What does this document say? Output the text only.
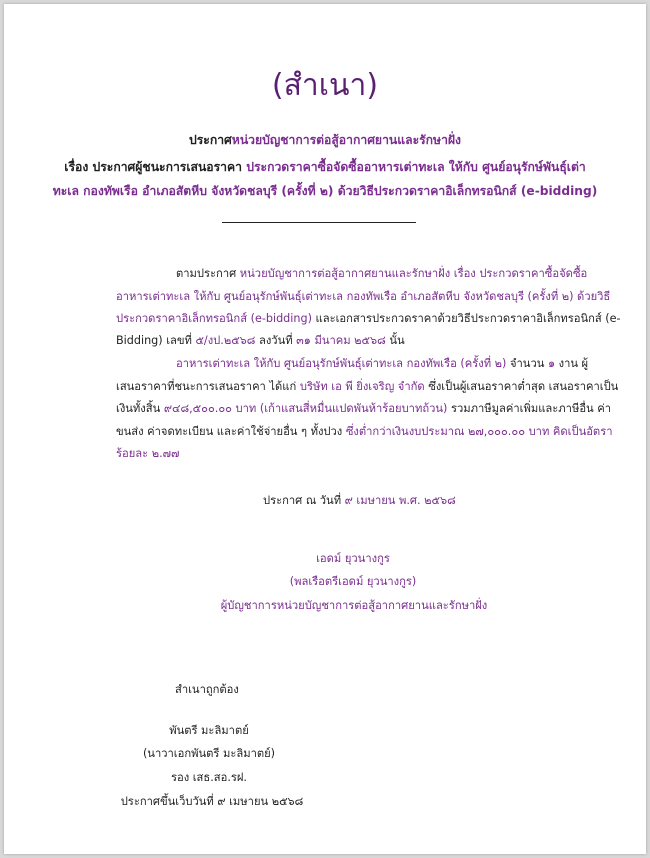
(สำเนา)
ประกาศหน่วยบัญชาการต่อสู้อากาศยานและรักษาฝั่ง
เรื่อง ประกาศผู้ชนะการเสนอราคา ประกวดราคาซื้อจัดซื้ออาหารเต่าทะเล ให้กับ ศูนย์อนุรักษ์พันธุ์เต่า
ทะเล กองทัพเรือ อำเภอสัตหีบ จังหวัดชลบุรี (ครั้งที่ ๒) ด้วยวิธีประกวดราคาอิเล็กทรอนิกส์ (e-bidding)
ตามประกาศ หน่วยบัญชาการต่อสู้อากาศยานและรักษาฝั่ง เรื่อง ประกวดราคาซื้อจัดซื้อ
อาหารเต่าทะเล ให้กับ ศูนย์อนุรักษ์พันธุ์เต่าทะเล กองทัพเรือ อำเภอสัตหีบ จังหวัดชลบุรี (ครั้งที่ ๒) ด้วยวิธี
ประกวดราคาอิเล็กทรอนิกส์ (e-bidding) และเอกสารประกวดราคาด้วยวิธีประกวดราคาอิเล็กทรอนิกส์ (e-
Bidding) เลขที่ ๕/งป.๒๕๖๘ ลงวันที่ ๓๑ มีนาคม ๒๕๖๘ นั้น
อาหารเต่าทะเล ให้กับ ศูนย์อนุรักษ์พันธุ์เต่าทะเล กองทัพเรือ (ครั้งที่ ๒) จำนวน ๑ งาน ผู้
เสนอราคาที่ชนะการเสนอราคา ได้แก่ บริษัท เอ พี ยิ่งเจริญ จำกัด ซึ่งเป็นผู้เสนอราคาต่ำสุด เสนอราคาเป็น
เงินทั้งสิ้น ๙๔๘,๕๐๐.๐๐ บาท (เก้าแสนสี่หมื่นแปดพันห้าร้อยบาทถ้วน) รวมภาษีมูลค่าเพิ่มและภาษีอื่น ค่า
ขนส่ง ค่าจดทะเบียน และค่าใช้จ่ายอื่น ๆ ทั้งปวง ซึ่งต่ำกว่าเงินงบประมาณ ๒๗,๐๐๐.๐๐ บาท คิดเป็นอัตรา
ร้อยละ ๒.๗๗
ประกาศ ณ วันที่ ๙ เมษายน พ.ศ. ๒๕๖๘
เอดม์ ยุวนางกูร
(พลเรือตรีเอดม์ ยุวนางกูร)
ผู้บัญชาการหน่วยบัญชาการต่อสู้อากาศยานและรักษาฝั่ง
สำเนาถูกต้อง
พันตรี มะลิมาตย์
(นาวาเอกพันตรี มะลิมาตย์)
รอง เสธ.สอ.รฝ.
ประกาศขึ้นเว็บวันที่ ๙ เมษายน ๒๕๖๘
